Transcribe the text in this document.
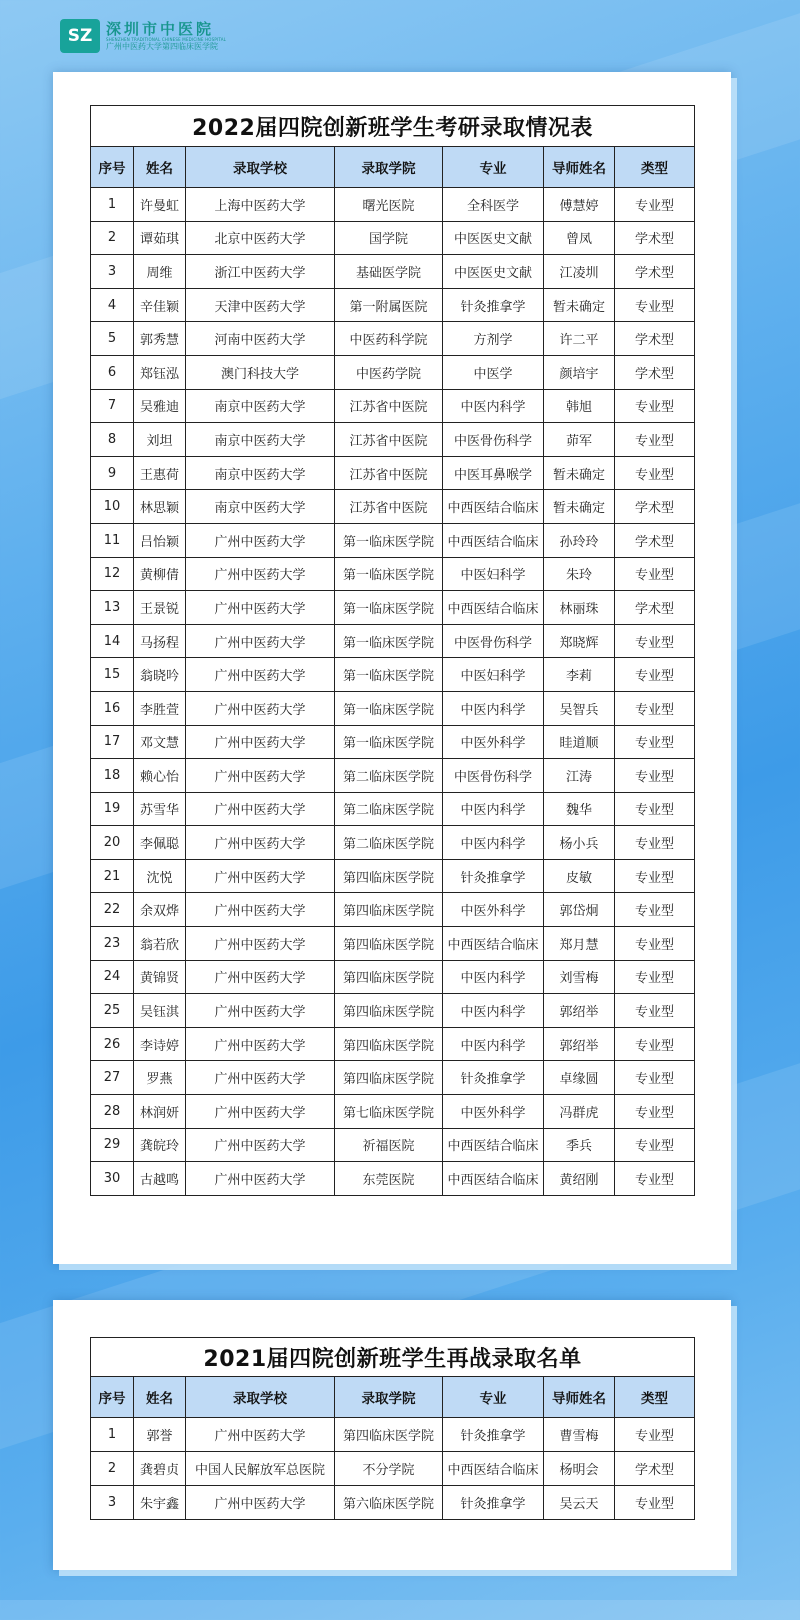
SZ 深圳市中医院
SHENZHEN TRADITIONAL CHINESE MEDICINE HOSPITAL
广州中医药大学第四临床医学院
2022届四院创新班学生考研录取情况表						
序号	姓名	录取学校	录取学院	专业	导师姓名	类型
1	许曼虹	上海中医药大学	曙光医院	全科医学	傅慧婷	专业型
2	谭茹琪	北京中医药大学	国学院	中医医史文献	曾凤	学术型
3	周维	浙江中医药大学	基础医学院	中医医史文献	江凌圳	学术型
4	辛佳颖	天津中医药大学	第一附属医院	针灸推拿学	暂未确定	专业型
5	郭秀慧	河南中医药大学	中医药科学院	方剂学	许二平	学术型
6	郑钰泓	澳门科技大学	中医药学院	中医学	颜培宇	学术型
7	吴雅迪	南京中医药大学	江苏省中医院	中医内科学	韩旭	专业型
8	刘坦	南京中医药大学	江苏省中医院	中医骨伤科学	茆军	专业型
9	王惠荷	南京中医药大学	江苏省中医院	中医耳鼻喉学	暂未确定	专业型
10	林思颖	南京中医药大学	江苏省中医院	中西医结合临床	暂未确定	学术型
11	吕怡颖	广州中医药大学	第一临床医学院	中西医结合临床	孙玲玲	学术型
12	黄柳倩	广州中医药大学	第一临床医学院	中医妇科学	朱玲	专业型
13	王景锐	广州中医药大学	第一临床医学院	中西医结合临床	林丽珠	学术型
14	马扬程	广州中医药大学	第一临床医学院	中医骨伤科学	郑晓辉	专业型
15	翁晓吟	广州中医药大学	第一临床医学院	中医妇科学	李莉	专业型
16	李胜萱	广州中医药大学	第一临床医学院	中医内科学	吴智兵	专业型
17	邓文慧	广州中医药大学	第一临床医学院	中医外科学	眭道顺	专业型
18	赖心怡	广州中医药大学	第二临床医学院	中医骨伤科学	江涛	专业型
19	苏雪华	广州中医药大学	第二临床医学院	中医内科学	魏华	专业型
20	李佩聪	广州中医药大学	第二临床医学院	中医内科学	杨小兵	专业型
21	沈悦	广州中医药大学	第四临床医学院	针灸推拿学	皮敏	专业型
22	余双烨	广州中医药大学	第四临床医学院	中医外科学	郭岱炯	专业型
23	翁若欣	广州中医药大学	第四临床医学院	中西医结合临床	郑月慧	专业型
24	黄锦贤	广州中医药大学	第四临床医学院	中医内科学	刘雪梅	专业型
25	吴钰淇	广州中医药大学	第四临床医学院	中医内科学	郭绍举	专业型
26	李诗婷	广州中医药大学	第四临床医学院	中医内科学	郭绍举	专业型
27	罗燕	广州中医药大学	第四临床医学院	针灸推拿学	卓缘圆	专业型
28	林润妍	广州中医药大学	第七临床医学院	中医外科学	冯群虎	专业型
29	龚皖玲	广州中医药大学	祈福医院	中西医结合临床	季兵	专业型
30	古越鸣	广州中医药大学	东莞医院	中西医结合临床	黄绍刚	专业型
2021届四院创新班学生再战录取名单						
序号	姓名	录取学校	录取学院	专业	导师姓名	类型
1	郭誉	广州中医药大学	第四临床医学院	针灸推拿学	曹雪梅	专业型
2	龚碧贞	中国人民解放军总医院	不分学院	中西医结合临床	杨明会	学术型
3	朱宇鑫	广州中医药大学	第六临床医学院	针灸推拿学	吴云天	专业型
